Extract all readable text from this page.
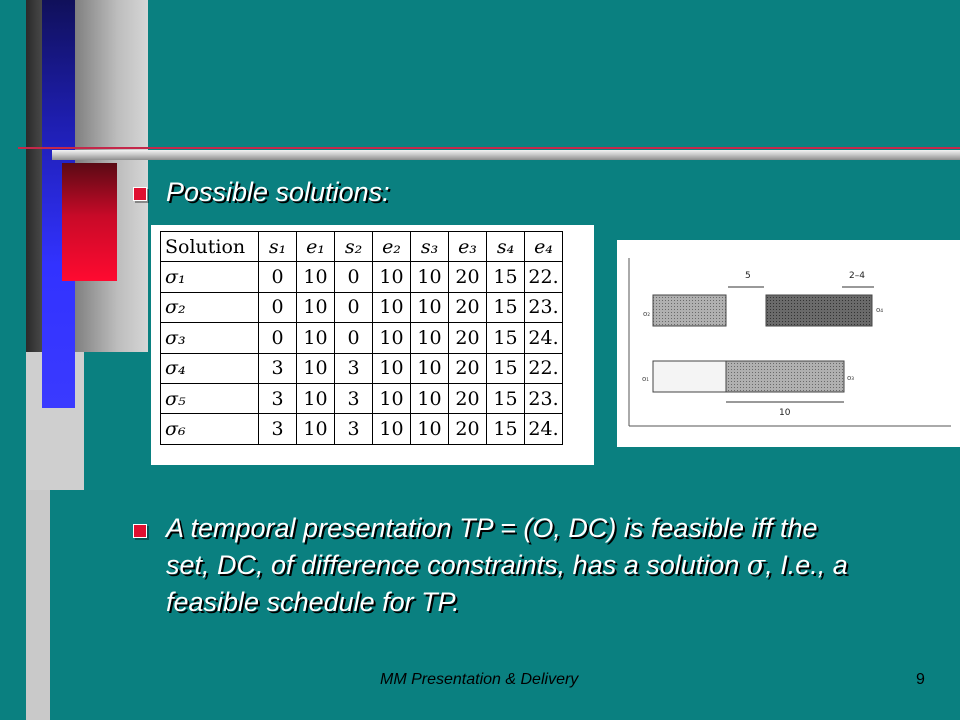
Possible solutions:
Solution	s₁	e₁	s₂	e₂	s₃	e₃	s₄	e₄
σ₁	0	10	0	10	10	20	15	22.
σ₂	0	10	0	10	10	20	15	23.
σ₃	0	10	0	10	10	20	15	24.
σ₄	3	10	3	10	10	20	15	22.
σ₅	3	10	3	10	10	20	15	23.
σ₆	3	10	3	10	10	20	15	24.
5	2–4
o₂	o₄
10
o₁	o₃
A temporal presentation TP = (O, DC) is feasible iff the
set, DC, of difference constraints, has a solution σ, I.e., a
feasible schedule for TP.
MM Presentation & Delivery	9
